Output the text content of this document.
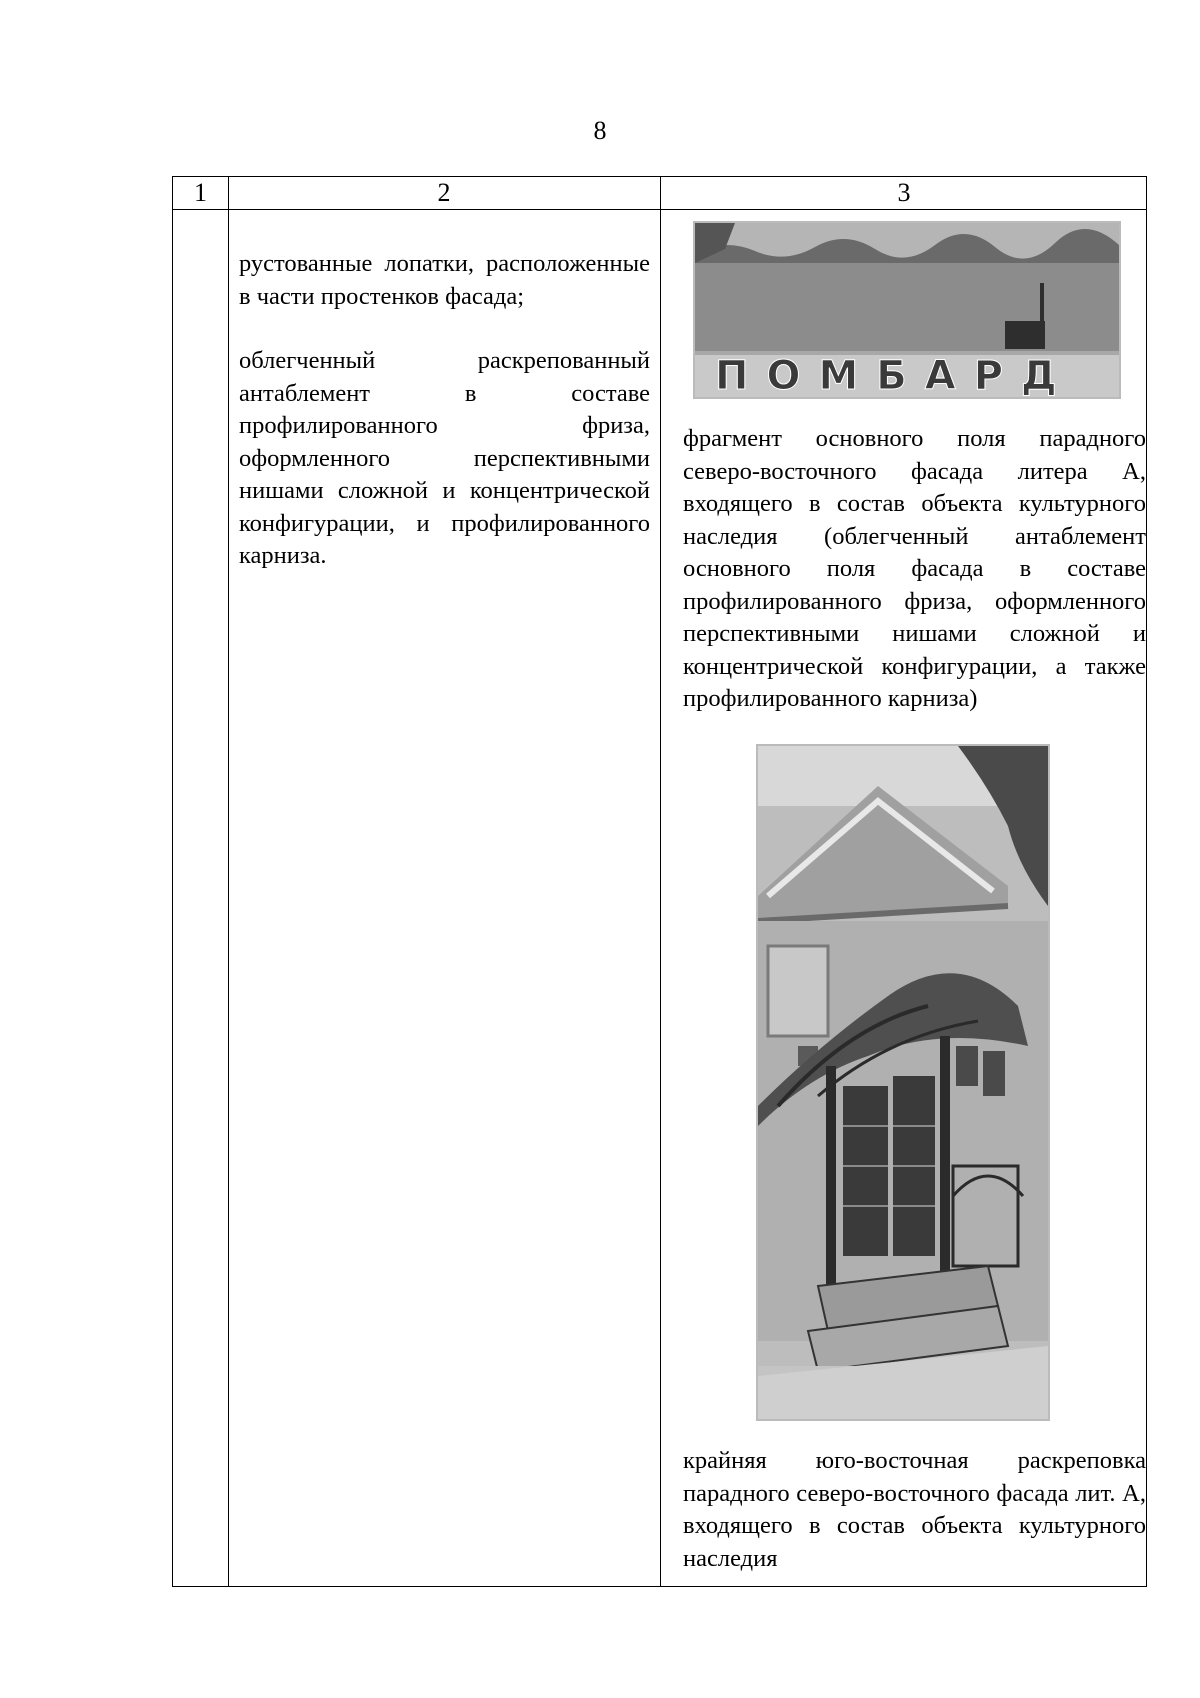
8
1	2	3

рустованные лопатки, расположенные в части простенков фасада;

облегченный раскрепованный антаблемент в составе профилированного фриза, оформленного перспективными нишами сложной и концентрической конфигурации, и профилированного карниза.

ПОМБАРД
фрагмент основного поля парадного северо-восточного фасада литера А, входящего в состав объекта культурного наследия (облегченный антаблемент основного поля фасада в составе профилированного фриза, оформленного перспективными нишами сложной и концентрической конфигурации, а также профилированного карниза)
крайняя юго-восточная раскреповка парадного северо-восточного фасада лит. А, входящего в состав объекта культурного наследия
